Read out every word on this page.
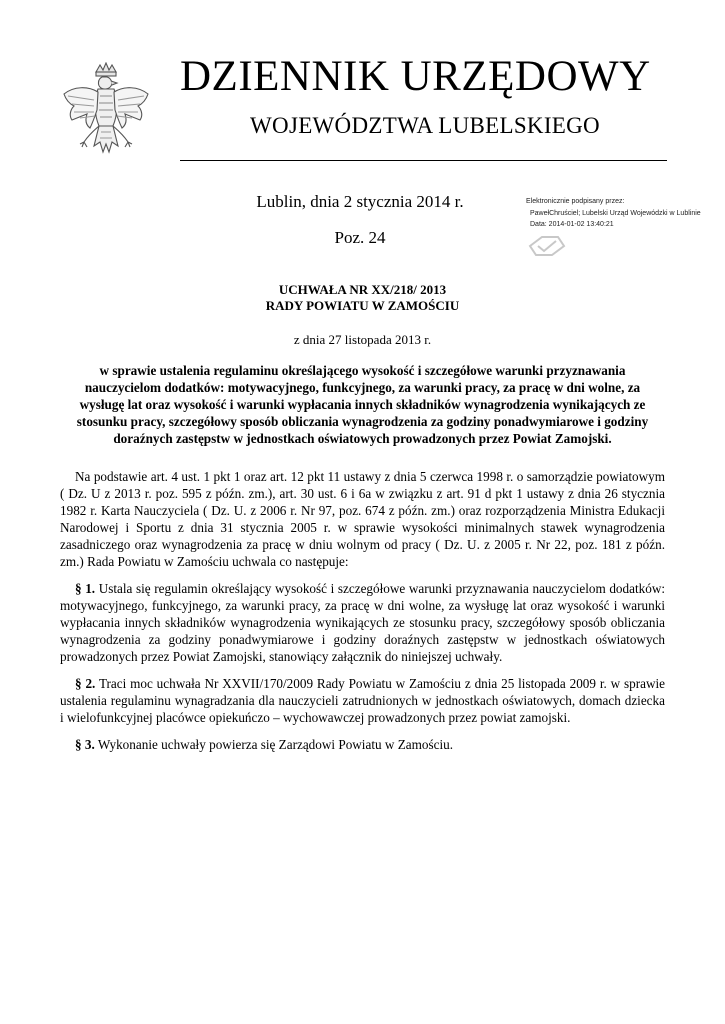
DZIENNIK URZĘDOWY
WOJEWÓDZTWA LUBELSKIEGO
Lublin, dnia 2 stycznia 2014 r.
Poz. 24
Elektronicznie podpisany przez:
PawełChruściel; Lubelski Urząd Wojewódzki w Lublinie
Data: 2014-01-02 13:40:21
UCHWAŁA NR XX/218/ 2013
RADY POWIATU W ZAMOŚCIU
z dnia 27 listopada 2013 r.
w sprawie ustalenia regulaminu określającego wysokość i szczegółowe warunki przyznawania nauczycielom dodatków: motywacyjnego, funkcyjnego, za warunki pracy, za pracę w dni wolne, za wysługę lat oraz wysokość i warunki wypłacania innych składników wynagrodzenia wynikających ze stosunku pracy, szczegółowy sposób obliczania wynagrodzenia za godziny ponadwymiarowe i godziny doraźnych zastępstw w jednostkach oświatowych prowadzonych przez Powiat Zamojski.

Na podstawie art. 4 ust. 1 pkt 1 oraz art. 12 pkt 11 ustawy z dnia 5 czerwca 1998 r. o samorządzie powiatowym ( Dz. U z 2013 r. poz. 595 z późn. zm.), art. 30 ust. 6 i 6a w związku z art. 91 d pkt 1 ustawy z dnia 26 stycznia 1982 r. Karta Nauczyciela ( Dz. U. z 2006 r. Nr 97, poz. 674 z późn. zm.) oraz rozporządzenia Ministra Edukacji Narodowej i Sportu z dnia 31 stycznia 2005 r. w sprawie wysokości minimalnych stawek wynagrodzenia zasadniczego oraz wynagrodzenia za pracę w dniu wolnym od pracy ( Dz. U. z 2005 r. Nr 22, poz. 181 z późn. zm.) Rada Powiatu w Zamościu uchwala co następuje:

§ 1. Ustala się regulamin określający wysokość i szczegółowe warunki przyznawania nauczycielom dodatków: motywacyjnego, funkcyjnego, za warunki pracy, za pracę w dni wolne, za wysługę lat oraz wysokość i warunki wypłacania innych składników wynagrodzenia wynikających ze stosunku pracy, szczegółowy sposób obliczania wynagrodzenia za godziny ponadwymiarowe i godziny doraźnych zastępstw w jednostkach oświatowych prowadzonych przez Powiat Zamojski, stanowiący załącznik do niniejszej uchwały.

§ 2. Traci moc uchwała Nr XXVII/170/2009 Rady Powiatu w Zamościu z dnia 25 listopada 2009 r. w sprawie ustalenia regulaminu wynagradzania dla nauczycieli zatrudnionych w jednostkach oświatowych, domach dziecka i wielofunkcyjnej placówce opiekuńczo – wychowawczej prowadzonych przez powiat zamojski.

§ 3. Wykonanie uchwały powierza się Zarządowi Powiatu w Zamościu.
